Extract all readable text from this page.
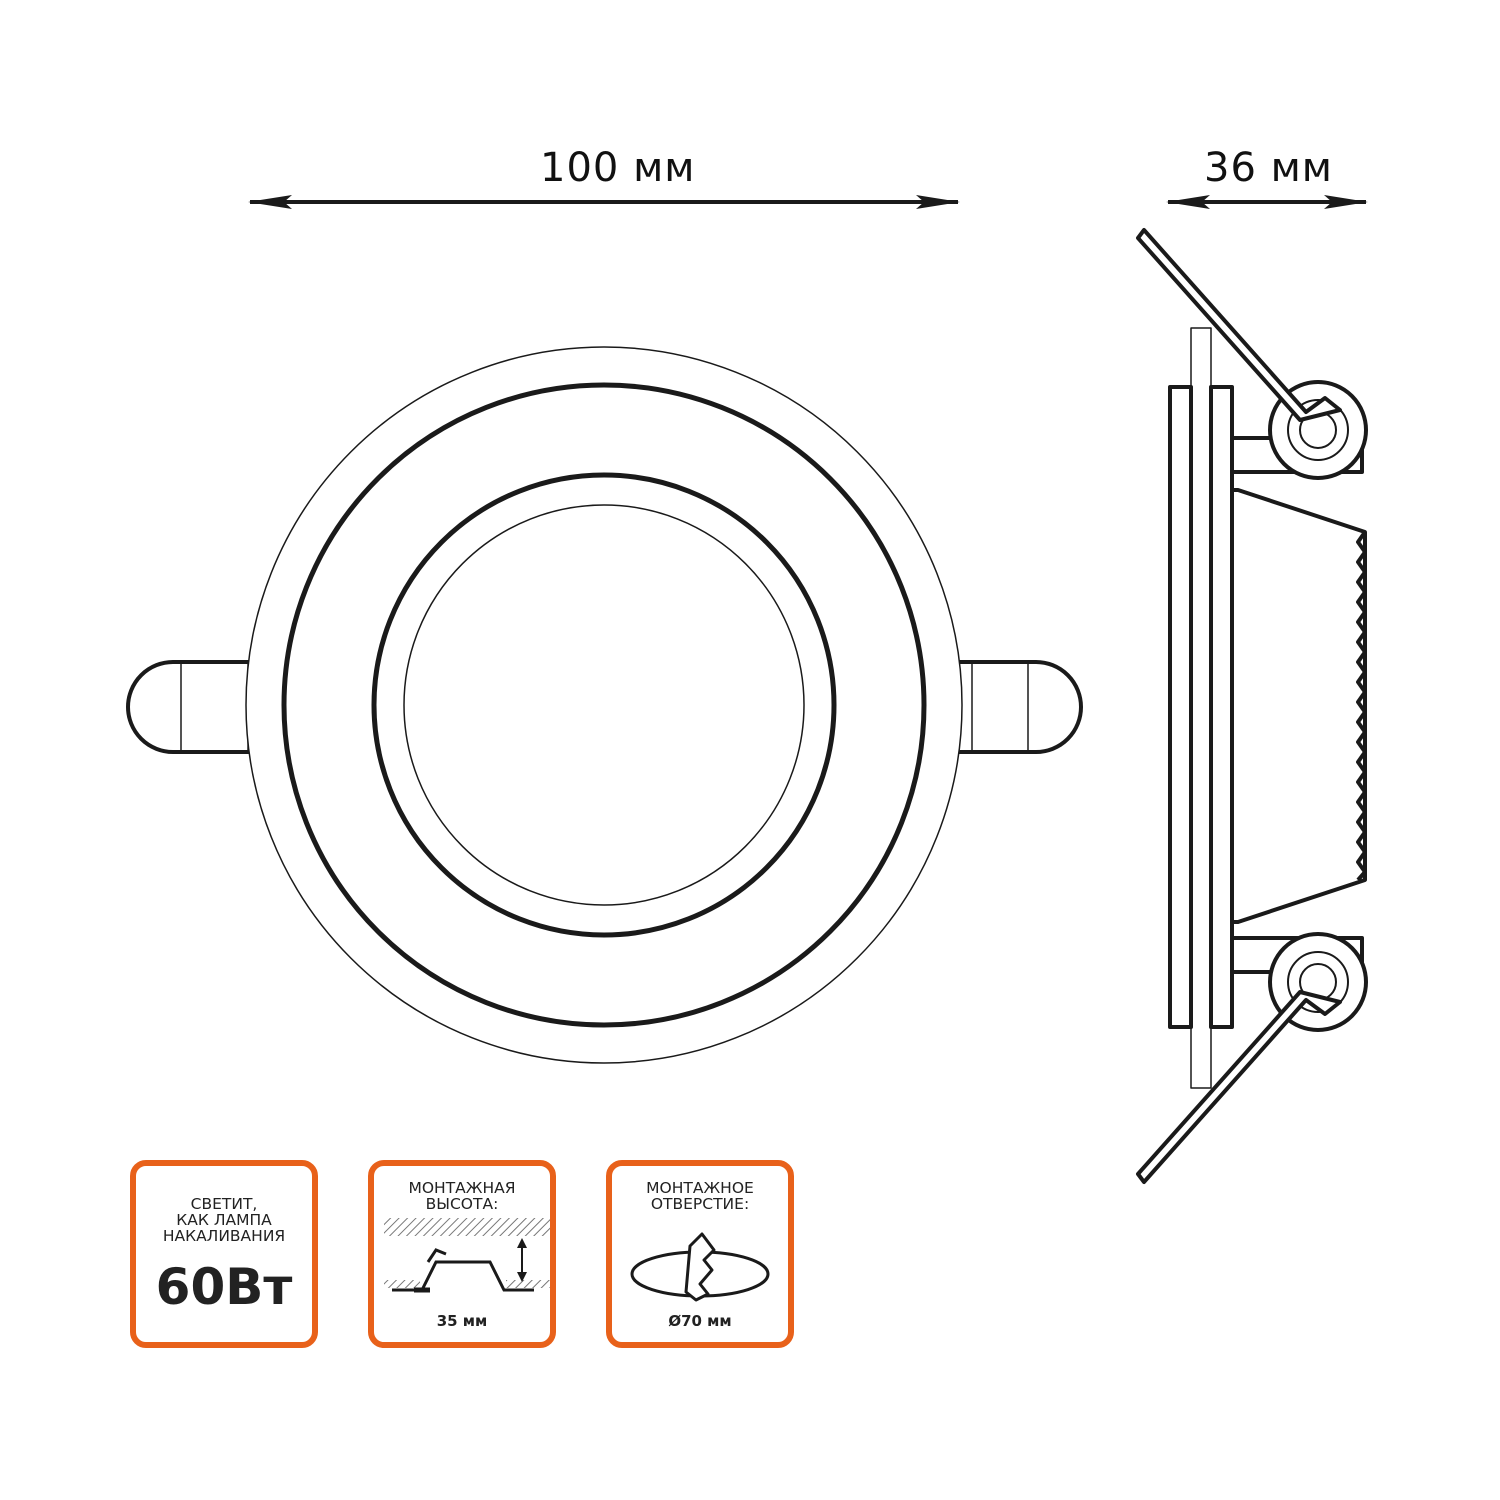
100 мм	36 мм
СВЕТИТ,
КАК ЛАМПА
НАКАЛИВАНИЯ
60Вт
МОНТАЖНАЯ
ВЫСОТА:
35 мм
МОНТАЖНОЕ
ОТВЕРСТИЕ:
Ø70 мм
